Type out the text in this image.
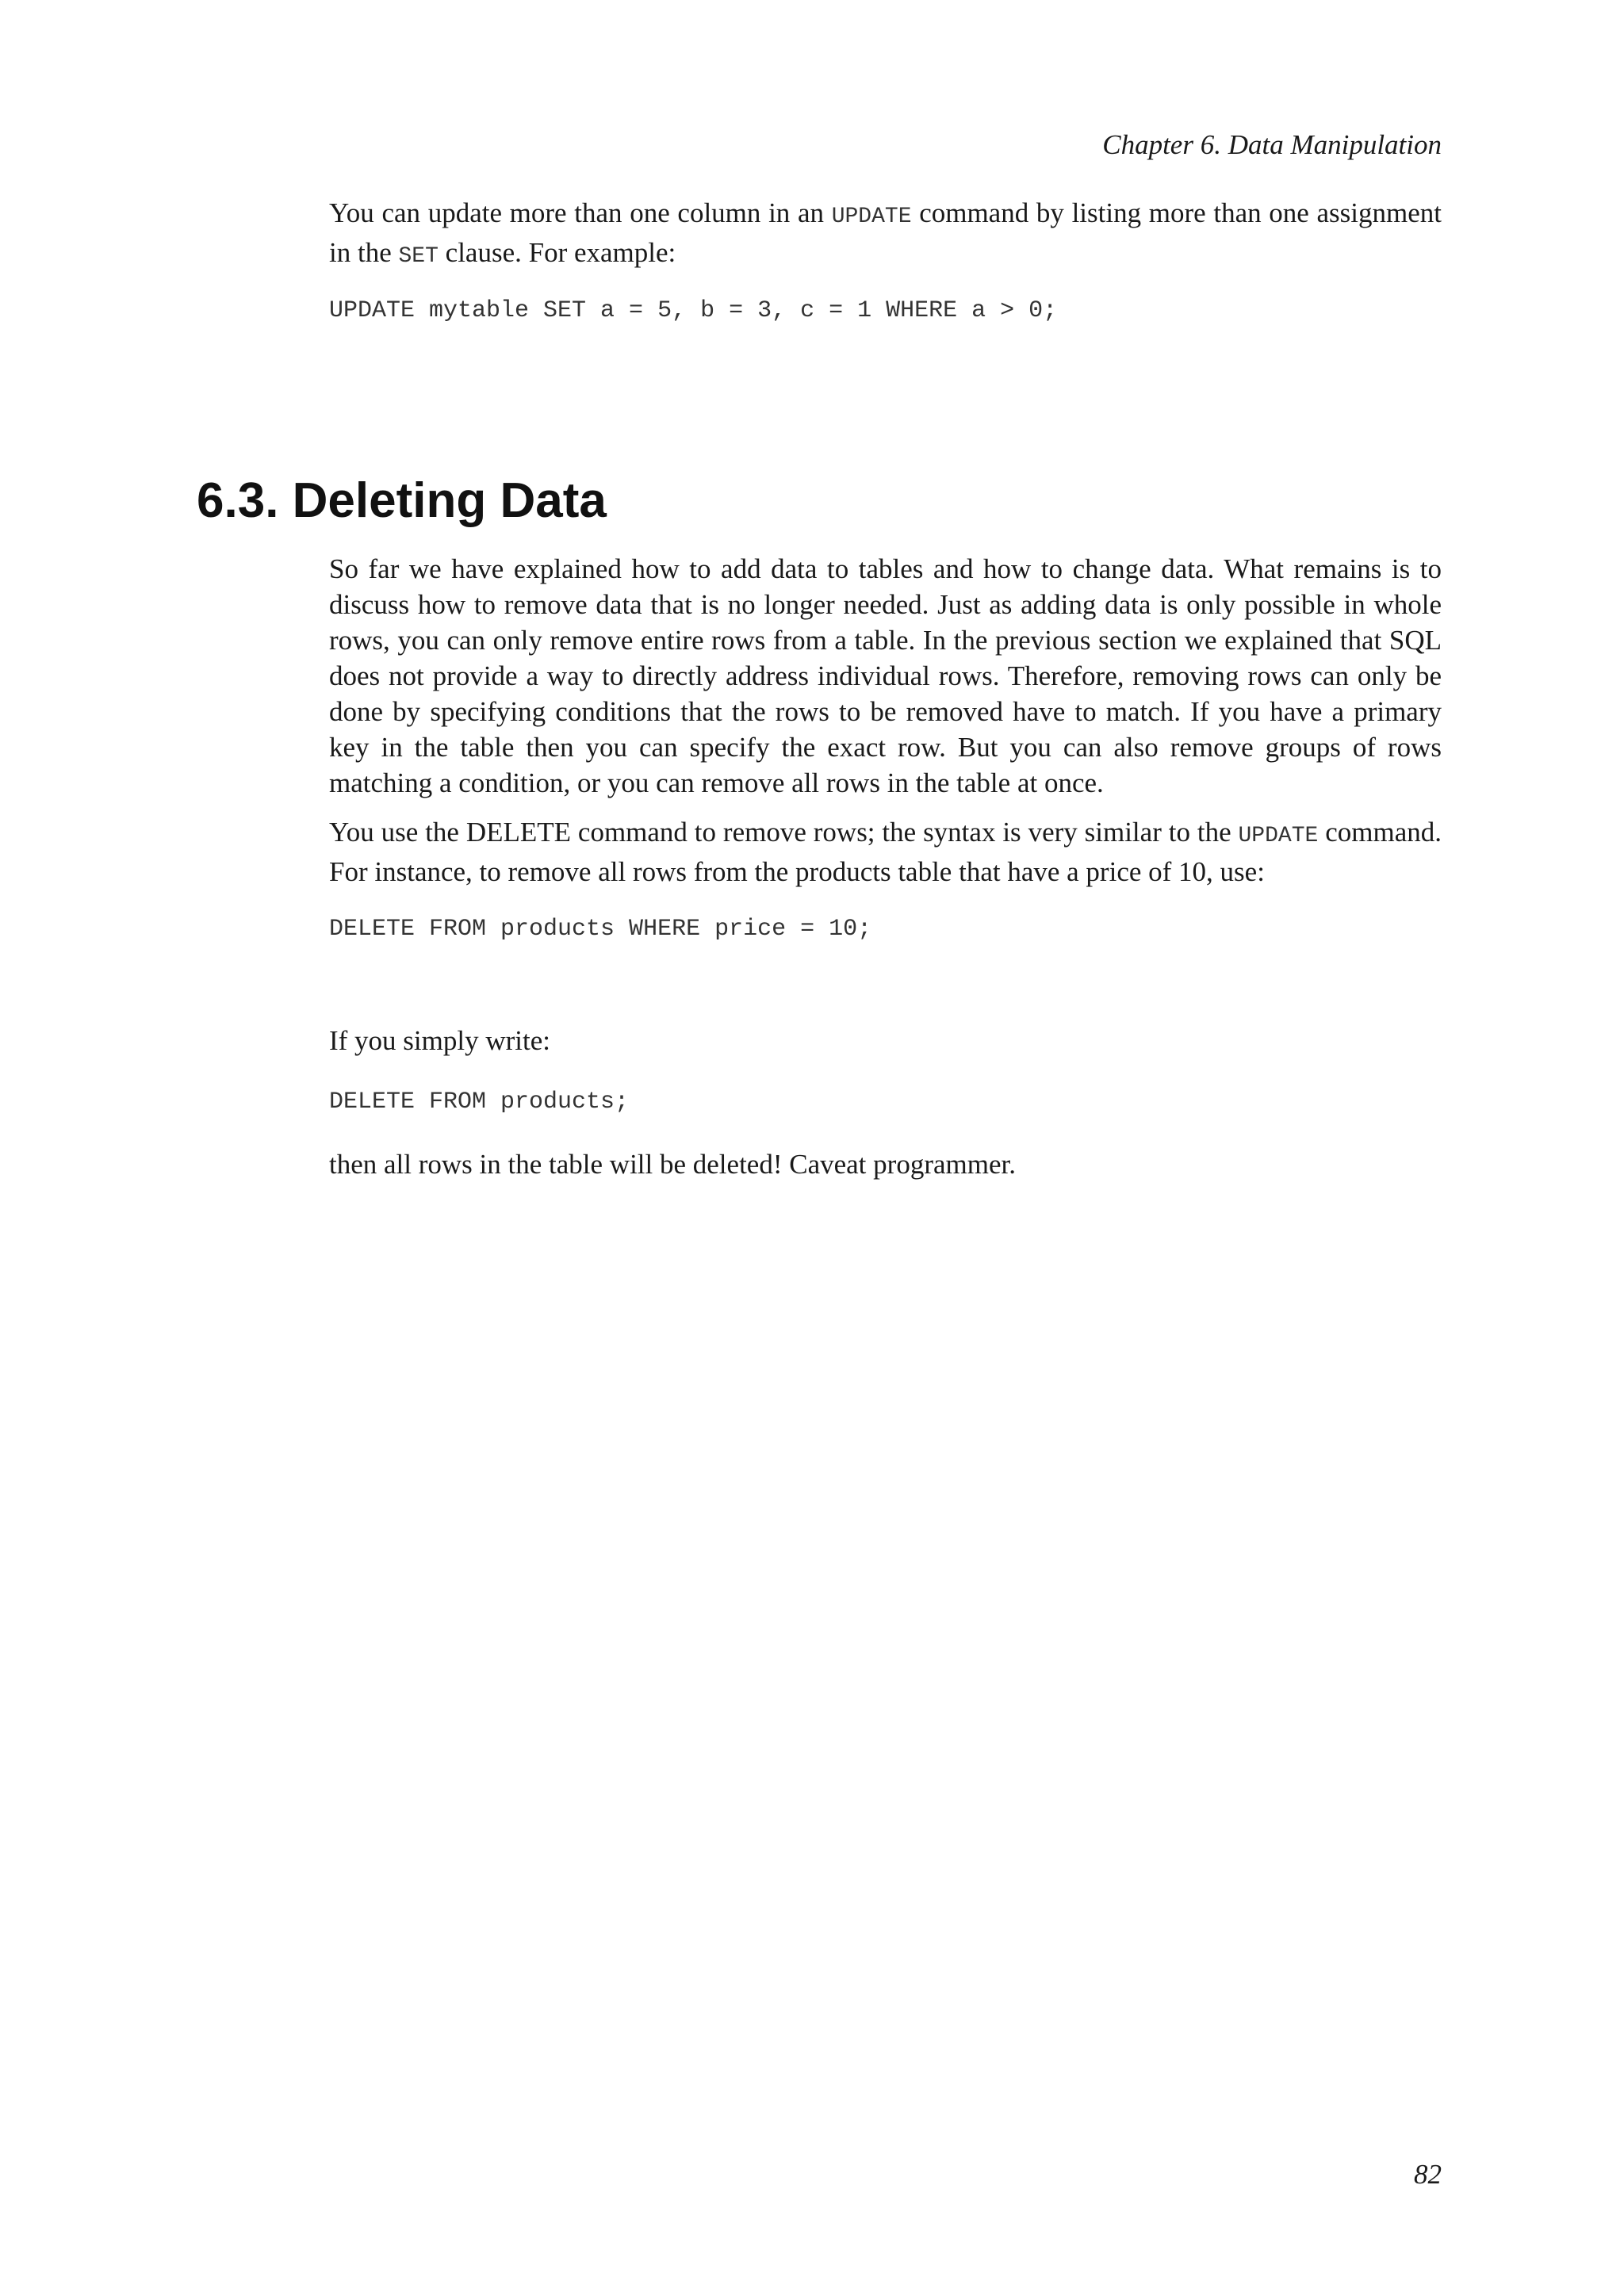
Chapter 6. Data Manipulation

You can update more than one column in an UPDATE command by listing more than one assignment in the SET clause. For example:

UPDATE mytable SET a = 5, b = 3, c = 1 WHERE a > 0;
6.3. Deleting Data

So far we have explained how to add data to tables and how to change data. What remains is to discuss how to remove data that is no longer needed. Just as adding data is only possible in whole rows, you can only remove entire rows from a table. In the previous section we explained that SQL does not provide a way to directly address individual rows. Therefore, removing rows can only be done by specifying conditions that the rows to be removed have to match. If you have a primary key in the table then you can specify the exact row. But you can also remove groups of rows matching a condition, or you can remove all rows in the table at once.

You use the DELETE command to remove rows; the syntax is very similar to the UPDATE command. For instance, to remove all rows from the products table that have a price of 10, use:

DELETE FROM products WHERE price = 10;

If you simply write:

DELETE FROM products;

then all rows in the table will be deleted! Caveat programmer.

82
